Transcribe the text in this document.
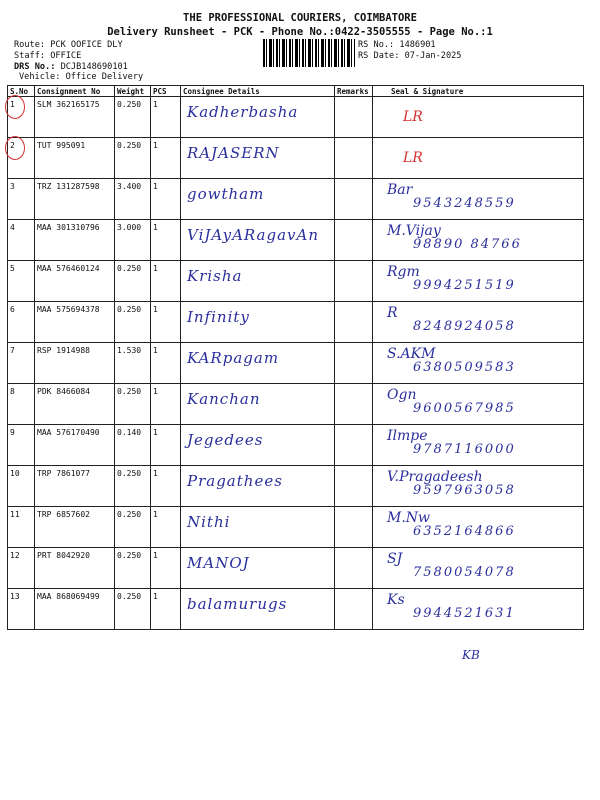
THE PROFESSIONAL COURIERS, COIMBATORE
Delivery Runsheet - PCK - Phone No.:0422-3505555 - Page No.:1
Route: PCK OOFICE DLY
Staff: OFFICE
DRS No.: DCJB148690101
Vehicle: Office Delivery
RS No.: 1486901
RS Date: 07-Jan-2025
S.No	Consignment No	Weight	PCS	Consignee Details	Remarks	Seal & Signature
1	SLM 362165175	0.250	1	Kadherbasha		LR

2	TUT 995091	0.250	1	RAJASERN		LR

3	TRZ 131287598	3.400	1	gowtham		Bar
9543248559

4	MAA 301310796	3.000	1	ViJAyARagavAn		M.Vijay
98890 84766

5	MAA 576460124	0.250	1	Krisha		Rgm
9994251519

6	MAA 575694378	0.250	1	Infinity		R
8248924058

7	RSP 1914988	1.530	1	KARpagam		S.AKM
6380509583

8	PDK 8466084	0.250	1	Kanchan		Ogn
9600567985

9	MAA 576170490	0.140	1	Jegedees		Ilmpe
9787116000

10	TRP 7861077	0.250	1	Pragathees		V.Pragadeesh
9597963058

11	TRP 6857602	0.250	1	Nithi		M.Nw
6352164866

12	PRT 8042920	0.250	1	MANOJ		SJ
7580054078

13	MAA 868069499	0.250	1	balamurugs		Ks
9944521631
KB
